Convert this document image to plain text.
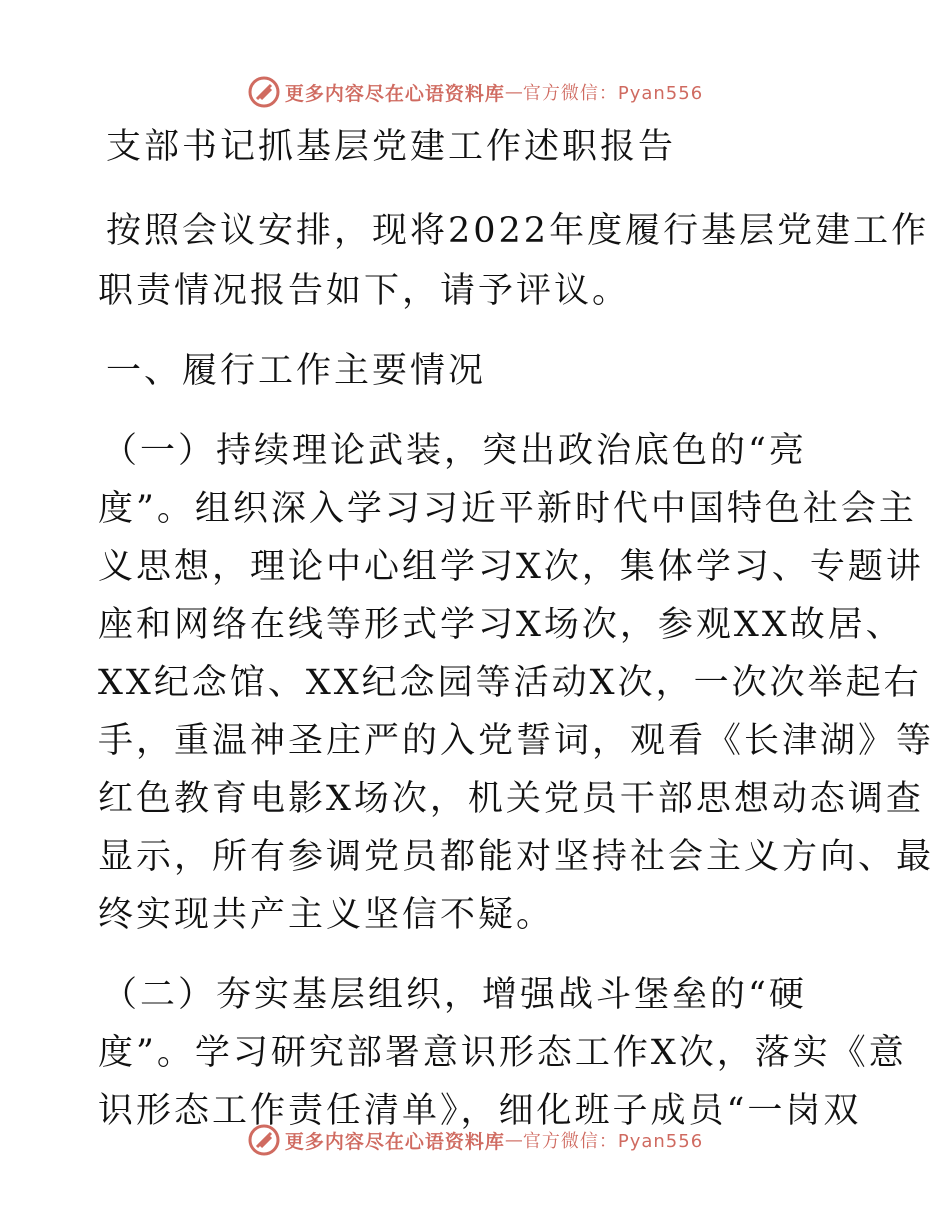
更多内容尽在心语资料库 — 官方微信：Pyan556
支部书记抓基层党建工作述职报告
按照会议安排，现将2022年度履行基层党建工作
职责情况报告如下，请予评议。
一、履行工作主要情况
（一）持续理论武装，突出政治底色的“亮
度”。组织深入学习习近平新时代中国特色社会主
义思想，理论中心组学习X次，集体学习、专题讲
座和网络在线等形式学习X场次，参观XX故居、
XX纪念馆、XX纪念园等活动X次，一次次举起右
手，重温神圣庄严的入党誓词，观看《长津湖》等
红色教育电影X场次，机关党员干部思想动态调查
显示，所有参调党员都能对坚持社会主义方向、最
终实现共产主义坚信不疑。
（二）夯实基层组织，增强战斗堡垒的“硬
度”。学习研究部署意识形态工作X次，落实《意
识形态工作责任清单》，细化班子成员“一岗双
更多内容尽在心语资料库 — 官方微信：Pyan556
